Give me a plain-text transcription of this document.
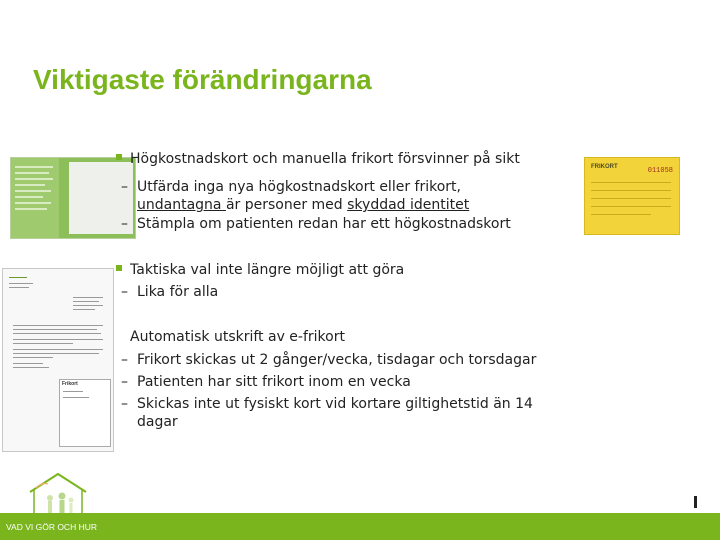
Viktigaste förändringarna
FRIKORT	011058
Frikort
Högkostnadskort och manuella frikort försvinner på sikt
– Utfärda inga nya högkostnadskort eller frikort,
undantagna är personer med skyddad identitet
– Stämpla om patienten redan har ett högkostnadskort
Taktiska val inte längre möjligt att göra
– Lika för alla
Automatisk utskrift av e-frikort
– Frikort skickas ut 2 gånger/vecka, tisdagar och torsdagar
– Patienten har sitt frikort inom en vecka
– Skickas inte ut fysiskt kort vid kortare giltighetstid än 14 dagar
VAD VI GÖR OCH HUR
